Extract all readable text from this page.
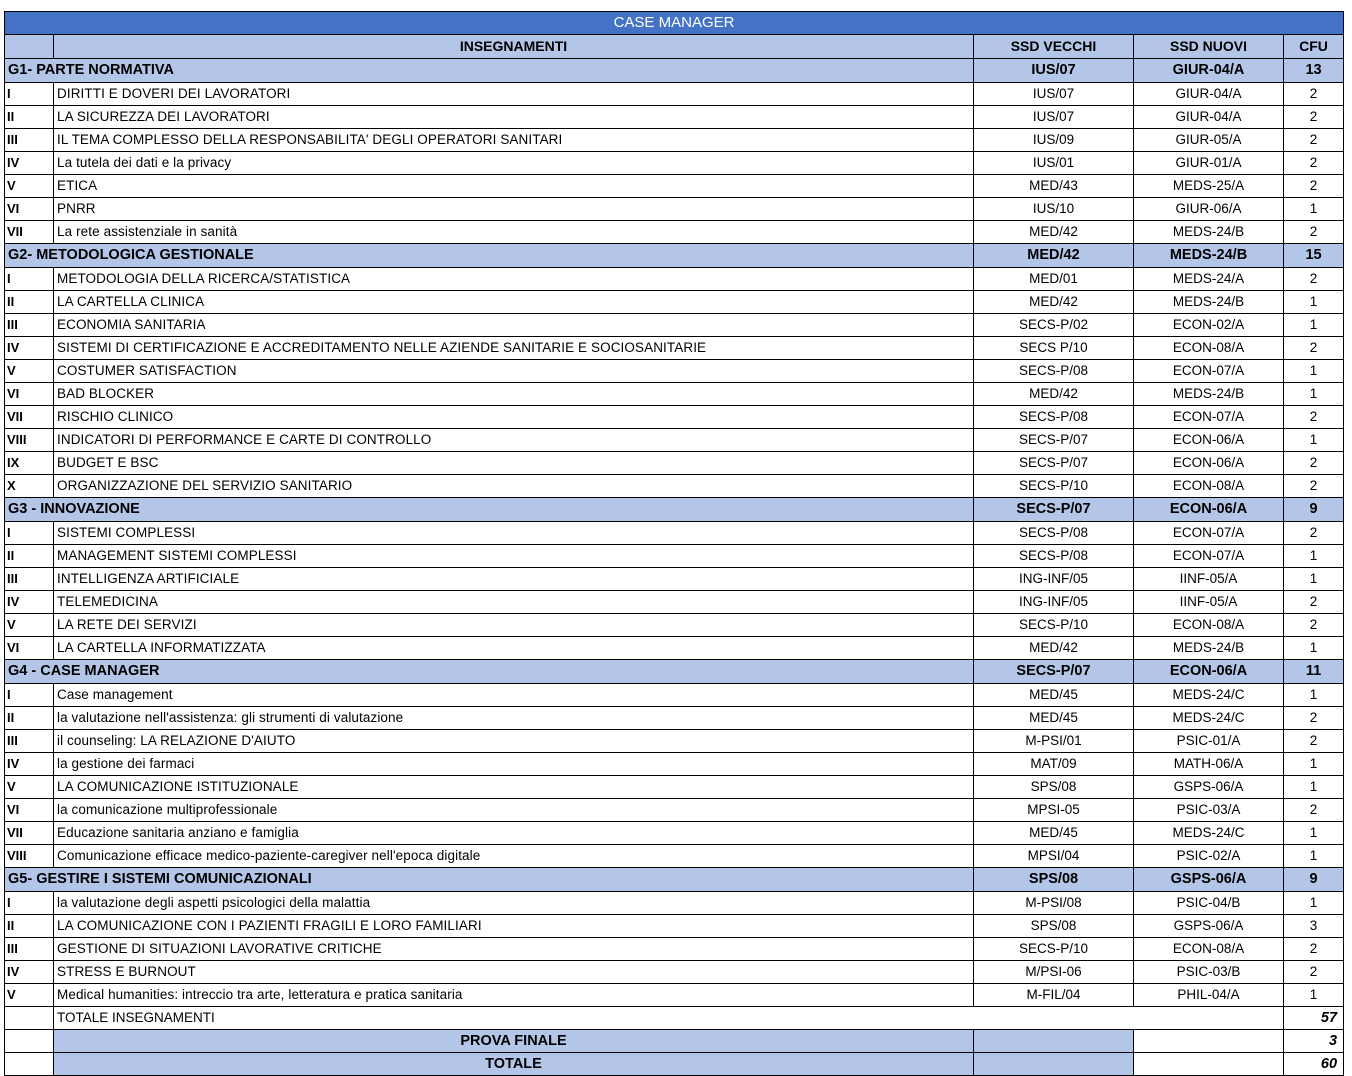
CASE MANAGER				
	INSEGNAMENTI	SSD VECCHI	SSD NUOVI	CFU
G1- PARTE NORMATIVA		IUS/07	GIUR-04/A	13
I	DIRITTI E DOVERI DEI LAVORATORI	IUS/07	GIUR-04/A	2
II	LA SICUREZZA DEI LAVORATORI	IUS/07	GIUR-04/A	2
III	IL TEMA COMPLESSO DELLA RESPONSABILITA' DEGLI OPERATORI SANITARI	IUS/09	GIUR-05/A	2
IV	La tutela dei dati e la privacy	IUS/01	GIUR-01/A	2
V	ETICA	MED/43	MEDS-25/A	2
VI	PNRR	IUS/10	GIUR-06/A	1
VII	La rete assistenziale in sanità	MED/42	MEDS-24/B	2
G2- METODOLOGICA GESTIONALE		MED/42	MEDS-24/B	15
I	METODOLOGIA DELLA RICERCA/STATISTICA	MED/01	MEDS-24/A	2
II	LA CARTELLA CLINICA	MED/42	MEDS-24/B	1
III	ECONOMIA SANITARIA	SECS-P/02	ECON-02/A	1
IV	SISTEMI DI CERTIFICAZIONE E ACCREDITAMENTO NELLE AZIENDE SANITARIE E SOCIOSANITARIE	SECS P/10	ECON-08/A	2
V	COSTUMER SATISFACTION	SECS-P/08	ECON-07/A	1
VI	BAD BLOCKER	MED/42	MEDS-24/B	1
VII	RISCHIO CLINICO	SECS-P/08	ECON-07/A	2
VIII	INDICATORI DI PERFORMANCE E CARTE DI CONTROLLO	SECS-P/07	ECON-06/A	1
IX	BUDGET E BSC	SECS-P/07	ECON-06/A	2
X	ORGANIZZAZIONE DEL SERVIZIO SANITARIO	SECS-P/10	ECON-08/A	2
G3 - INNOVAZIONE		SECS-P/07	ECON-06/A	9
I	SISTEMI COMPLESSI	SECS-P/08	ECON-07/A	2
II	MANAGEMENT SISTEMI COMPLESSI	SECS-P/08	ECON-07/A	1
III	INTELLIGENZA ARTIFICIALE	ING-INF/05	IINF-05/A	1
IV	TELEMEDICINA	ING-INF/05	IINF-05/A	2
V	LA RETE DEI SERVIZI	SECS-P/10	ECON-08/A	2
VI	LA CARTELLA INFORMATIZZATA	MED/42	MEDS-24/B	1
G4 - CASE MANAGER		SECS-P/07	ECON-06/A	11
I	Case management	MED/45	MEDS-24/C	1
II	la valutazione nell'assistenza: gli strumenti di valutazione	MED/45	MEDS-24/C	2
III	il counseling: LA RELAZIONE D'AIUTO	M-PSI/01	PSIC-01/A	2
IV	la gestione dei farmaci	MAT/09	MATH-06/A	1
V	LA COMUNICAZIONE ISTITUZIONALE	SPS/08	GSPS-06/A	1
VI	la comunicazione multiprofessionale	MPSI-05	PSIC-03/A	2
VII	Educazione sanitaria anziano e famiglia	MED/45	MEDS-24/C	1
VIII	Comunicazione efficace medico-paziente-caregiver nell'epoca digitale	MPSI/04	PSIC-02/A	1
G5- GESTIRE I SISTEMI COMUNICAZIONALI		SPS/08	GSPS-06/A	9
I	la valutazione degli aspetti psicologici della malattia	M-PSI/08	PSIC-04/B	1
II	LA COMUNICAZIONE CON I PAZIENTI FRAGILI E LORO FAMILIARI	SPS/08	GSPS-06/A	3
III	GESTIONE DI SITUAZIONI LAVORATIVE CRITICHE	SECS-P/10	ECON-08/A	2
IV	STRESS E BURNOUT	M/PSI-06	PSIC-03/B	2
V	Medical humanities: intreccio tra arte, letteratura e pratica sanitaria	M-FIL/04	PHIL-04/A	1
	TOTALE INSEGNAMENTI			57
	PROVA FINALE			3
	TOTALE			60
